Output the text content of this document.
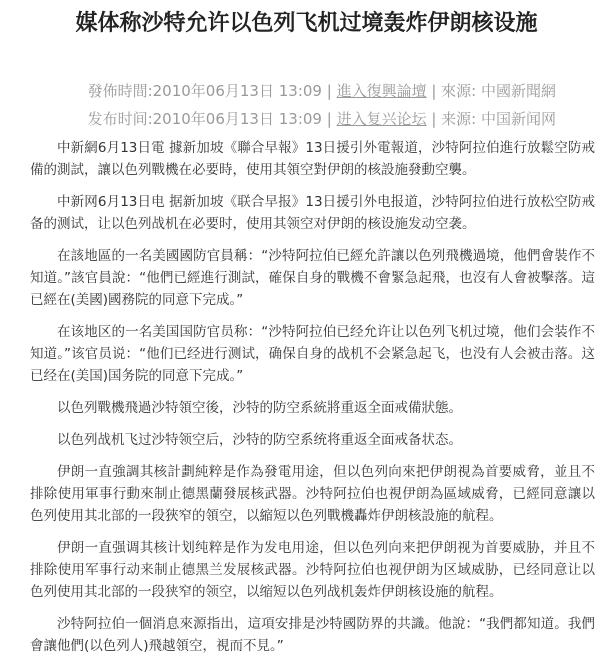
媒体称沙特允许以色列飞机过境轰炸伊朗核设施
發佈時間:2010年06月13日 13:09 | 進入復興論壇 | 來源: 中國新聞網
发布时间:2010年06月13日 13:09 | 进入复兴论坛 | 来源: 中国新闻网

中新網6月13日電 據新加坡《聯合早報》13日援引外電報道，沙特阿拉伯進行放鬆空防戒備的測試，讓以色列戰機在必要時，使用其領空對伊朗的核設施發動空襲。

中新网6月13日电 据新加坡《联合早报》13日援引外电报道，沙特阿拉伯进行放松空防戒备的测试，让以色列战机在必要时，使用其领空对伊朗的核设施发动空袭。

在該地區的一名美國國防官員稱：“沙特阿拉伯已經允許讓以色列飛機過境，他們會裝作不知道。”該官員說：“他們已經進行測試，確保自身的戰機不會緊急起飛，也沒有人會被擊落。這已經在(美國)國務院的同意下完成。”

在该地区的一名美国国防官员称：“沙特阿拉伯已经允许让以色列飞机过境，他们会装作不知道。”该官员说：“他们已经进行测试，确保自身的战机不会紧急起飞，也没有人会被击落。这已经在(美国)国务院的同意下完成。”

以色列戰機飛過沙特領空後，沙特的防空系統將重返全面戒備狀態。

以色列战机飞过沙特领空后，沙特的防空系统将重返全面戒备状态。

伊朗一直強調其核計劃純粹是作為發電用途，但以色列向來把伊朗視為首要威脅，並且不排除使用軍事行動來制止德黑蘭發展核武器。沙特阿拉伯也視伊朗為區域威脅，已經同意讓以色列使用其北部的一段狹窄的領空，以縮短以色列戰機轟炸伊朗核設施的航程。

伊朗一直强调其核计划纯粹是作为发电用途，但以色列向来把伊朗视为首要威胁，并且不排除使用军事行动来制止德黑兰发展核武器。沙特阿拉伯也视伊朗为区域威胁，已经同意让以色列使用其北部的一段狭窄的领空，以缩短以色列战机轰炸伊朗核设施的航程。

沙特阿拉伯一個消息來源指出，這項安排是沙特國防界的共識。他說：“我們都知道。我們會讓他們(以色列人)飛越領空，視而不見。”
